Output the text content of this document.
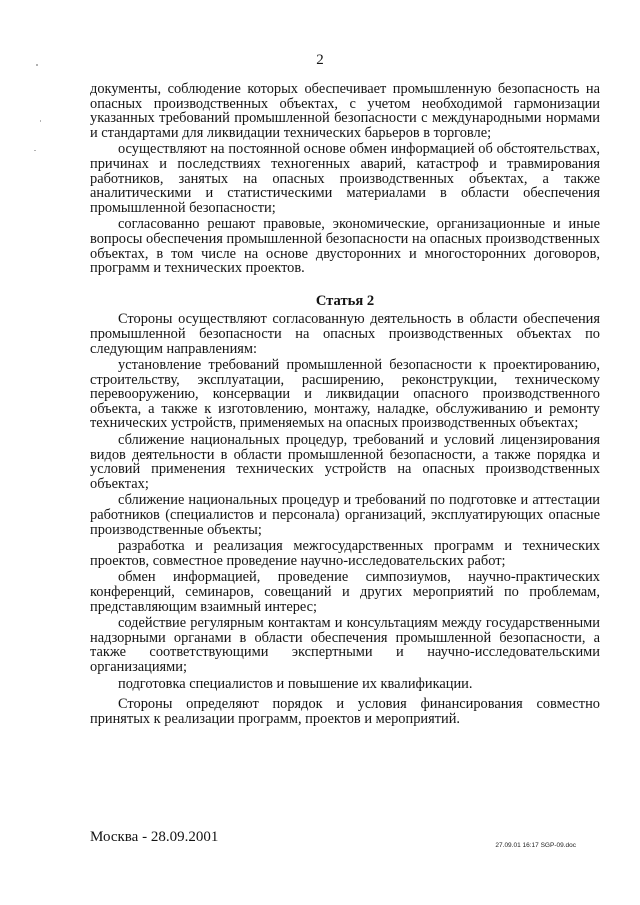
2

документы, соблюдение которых обеспечивает промышленную безопасность на опасных производственных объектах, с учетом необходимой гармонизации указанных требований промышленной безопасности с международными нормами и стандартами для ликвидации технических барьеров в торговле;

осуществляют на постоянной основе обмен информацией об обстоятельствах, причинах и последствиях техногенных аварий, катастроф и травмирования работников, занятых на опасных производственных объектах, а также аналитическими и статистическими материалами в области обеспечения промышленной безопасности;

согласованно решают правовые, экономические, организационные и иные вопросы обеспечения промышленной безопасности на опасных производственных объектах, в том числе на основе двусторонних и многосторонних договоров, программ и технических проектов.

Статья 2

Стороны осуществляют согласованную деятельность в области обеспечения промышленной безопасности на опасных производственных объектах по следующим направлениям:

установление требований промышленной безопасности к проектированию, строительству, эксплуатации, расширению, реконструкции, техническому перевооружению, консервации и ликвидации опасного производственного объекта, а также к изготовлению, монтажу, наладке, обслуживанию и ремонту технических устройств, применяемых на опасных производственных объектах;

сближение национальных процедур, требований и условий лицензирования видов деятельности в области промышленной безопасности, а также порядка и условий применения технических устройств на опасных производственных объектах;

сближение национальных процедур и требований по подготовке и аттестации работников (специалистов и персонала) организаций, эксплуатирующих опасные производственные объекты;

разработка и реализация межгосударственных программ и технических проектов, совместное проведение научно-исследовательских работ;

обмен информацией, проведение симпозиумов, научно-практических конференций, семинаров, совещаний и других мероприятий по проблемам, представляющим взаимный интерес;

содействие регулярным контактам и консультациям между государственными надзорными органами в области обеспечения промышленной безопасности, а также соответствующими экспертными и научно-исследовательскими организациями;

подготовка специалистов и повышение их квалификации.

Стороны определяют порядок и условия финансирования совместно принятых к реализации программ, проектов и мероприятий.

Москва - 28.09.2001
27.09.01 16:17 SGP-09.doc
